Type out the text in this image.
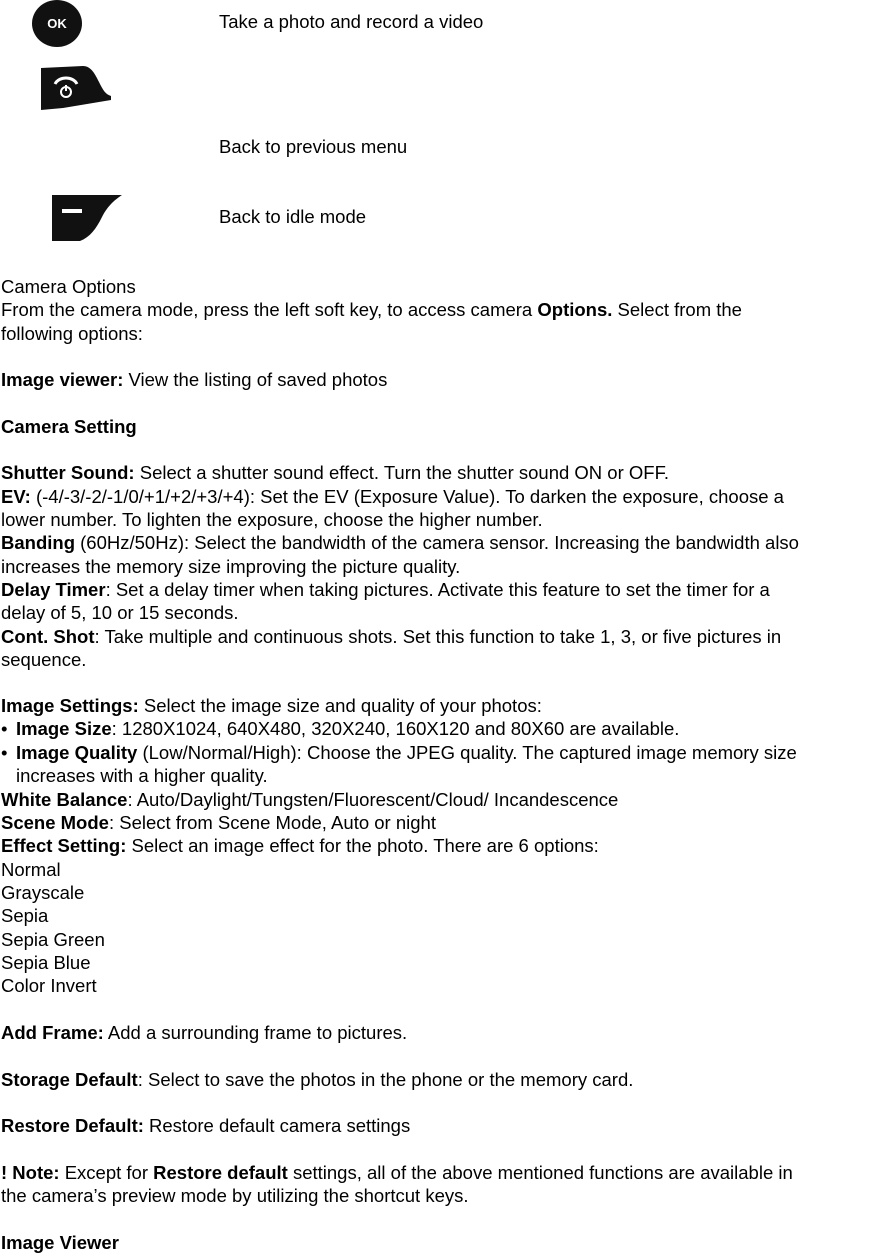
OK	Take a photo and record a video
Back to previous menu
Back to idle mode
Camera Options
From the camera mode, press the left soft key, to access camera Options. Select from the
following options:
Image viewer: View the listing of saved photos
Camera Setting
Shutter Sound: Select a shutter sound effect. Turn the shutter sound ON or OFF.
EV: (-4/-3/-2/-1/0/+1/+2/+3/+4): Set the EV (Exposure Value). To darken the exposure, choose a
lower number. To lighten the exposure, choose the higher number.
Banding (60Hz/50Hz): Select the bandwidth of the camera sensor. Increasing the bandwidth also
increases the memory size improving the picture quality.
Delay Timer: Set a delay timer when taking pictures. Activate this feature to set the timer for a
delay of 5, 10 or 15 seconds.
Cont. Shot: Take multiple and continuous shots. Set this function to take 1, 3, or five pictures in
sequence.
Image Settings: Select the image size and quality of your photos:
• Image Size: 1280X1024, 640X480, 320X240, 160X120 and 80X60 are available.
• Image Quality (Low/Normal/High): Choose the JPEG quality. The captured image memory size
increases with a higher quality.
White Balance: Auto/Daylight/Tungsten/Fluorescent/Cloud/ Incandescence
Scene Mode: Select from Scene Mode, Auto or night
Effect Setting: Select an image effect for the photo. There are 6 options:
Normal
Grayscale
Sepia
Sepia Green
Sepia Blue
Color Invert
Add Frame: Add a surrounding frame to pictures.
Storage Default: Select to save the photos in the phone or the memory card.
Restore Default: Restore default camera settings
! Note: Except for Restore default settings, all of the above mentioned functions are available in
the camera’s preview mode by utilizing the shortcut keys.
Image Viewer
